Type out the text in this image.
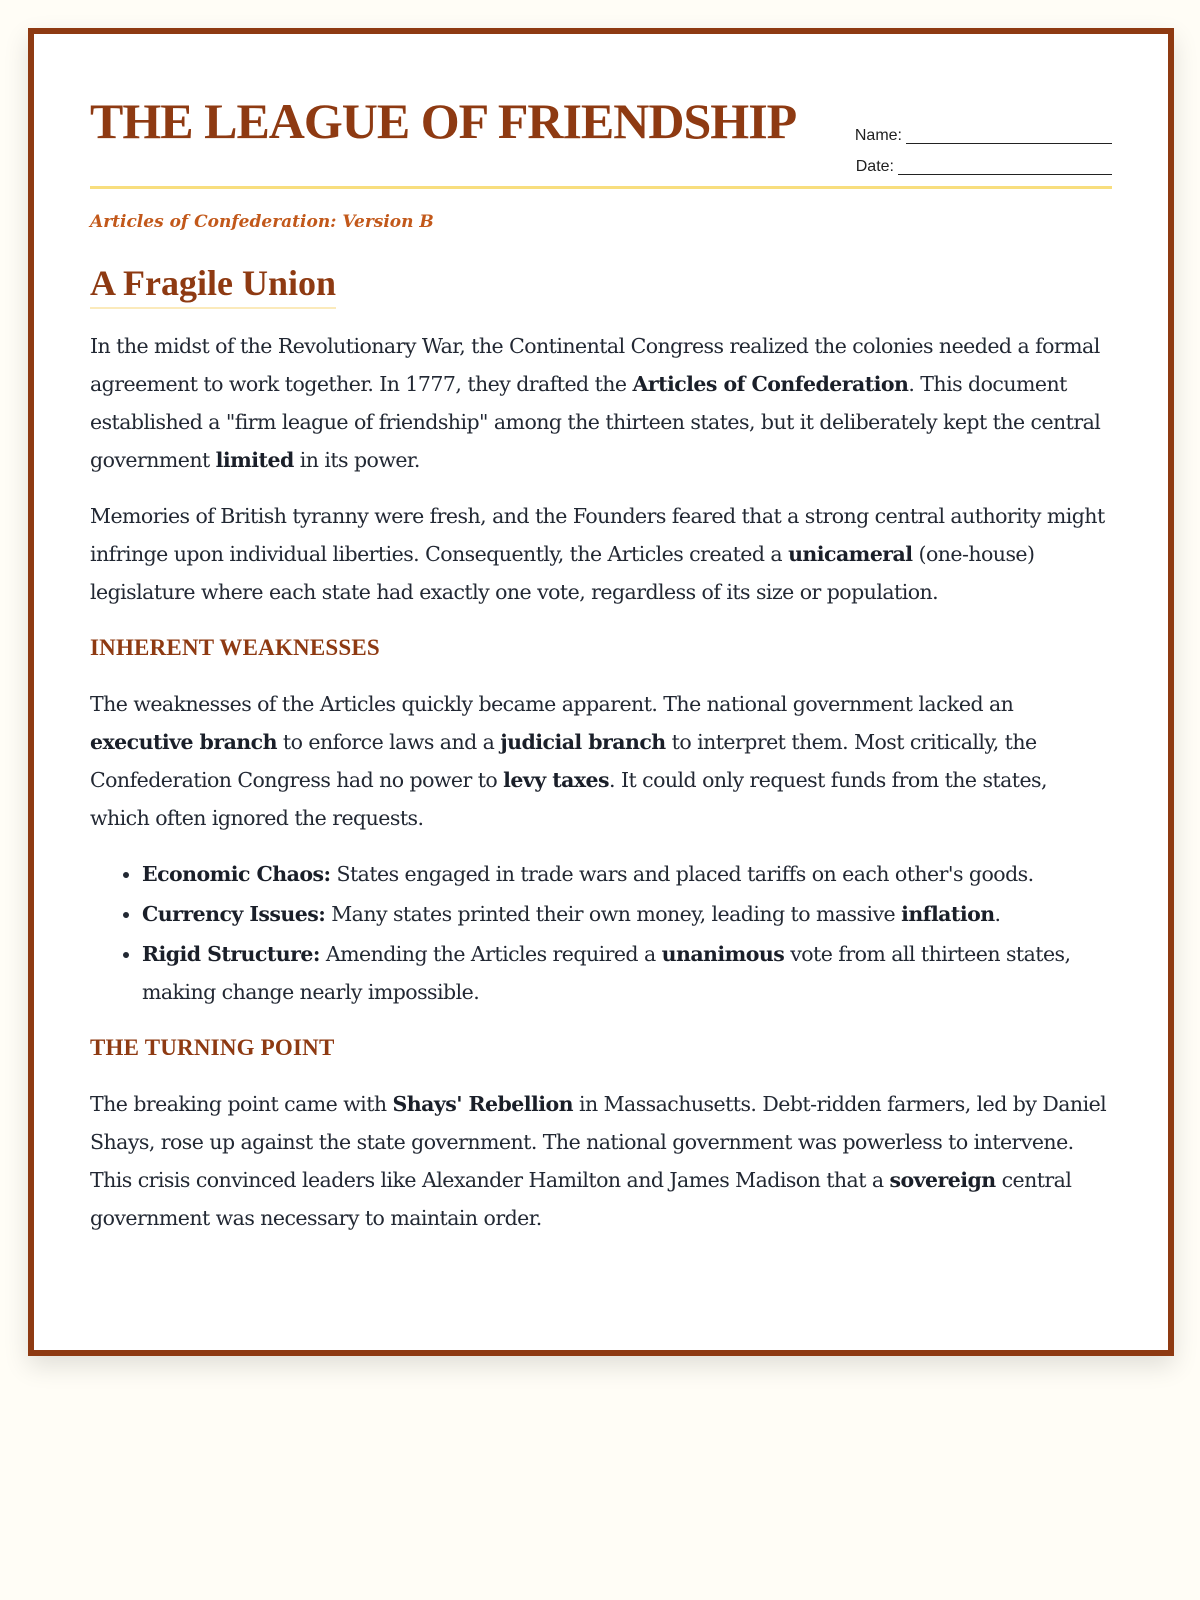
THE LEAGUE OF FRIENDSHIP	Name:
Date:
Articles of Confederation: Version B
A Fragile Union

In the midst of the Revolutionary War, the Continental Congress realized the colonies needed a formal agreement to work together. In 1777, they drafted the Articles of Confederation. This document established a "firm league of friendship" among the thirteen states, but it deliberately kept the central government limited in its power.

Memories of British tyranny were fresh, and the Founders feared that a strong central authority might infringe upon individual liberties. Consequently, the Articles created a unicameral (one-house) legislature where each state had exactly one vote, regardless of its size or population.

INHERENT WEAKNESSES

The weaknesses of the Articles quickly became apparent. The national government lacked an executive branch to enforce laws and a judicial branch to interpret them. Most critically, the Confederation Congress had no power to levy taxes. It could only request funds from the states, which often ignored the requests.

• Economic Chaos: States engaged in trade wars and placed tariffs on each other's goods.
• Currency Issues: Many states printed their own money, leading to massive inflation.
• Rigid Structure: Amending the Articles required a unanimous vote from all thirteen states, making change nearly impossible.
THE TURNING POINT

The breaking point came with Shays' Rebellion in Massachusetts. Debt-ridden farmers, led by Daniel Shays, rose up against the state government. The national government was powerless to intervene. This crisis convinced leaders like Alexander Hamilton and James Madison that a sovereign central government was necessary to maintain order.
